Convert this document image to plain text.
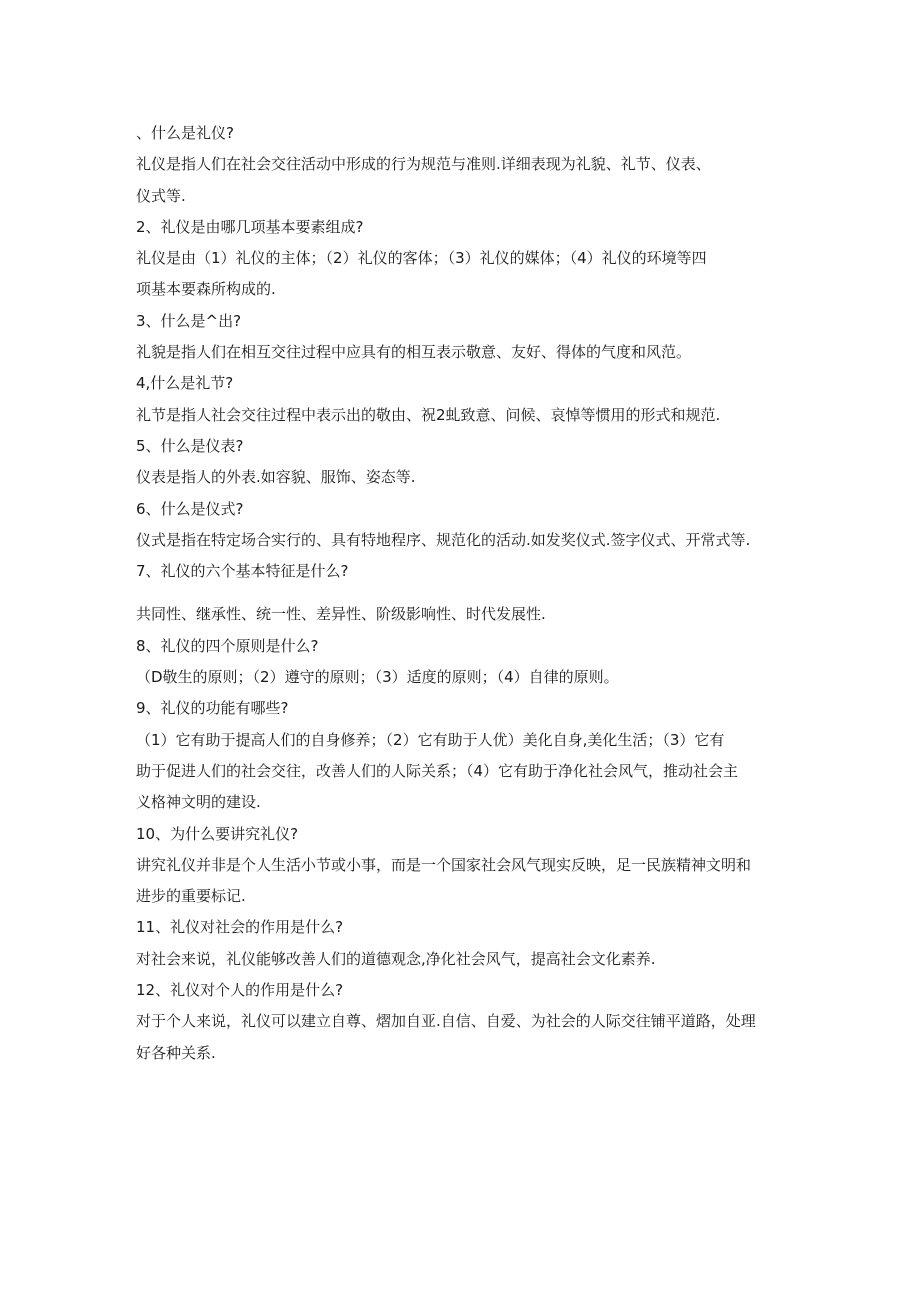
、什么是礼仪?
礼仪是指人们在社会交往活动中形成的行为规范与准则.详细表现为礼貌、礼节、仪表、
仪式等.
2、礼仪是由哪几项基本要素组成?
礼仪是由（1）礼仪的主体；（2）礼仪的客体；（3）礼仪的媒体；（4）礼仪的环境等四
项基本要森所构成的.
3、什么是^出?
礼貌是指人们在相互交往过程中应具有的相互表示敬意、友好、得体的气度和风范。
4,什么是礼节?
礼节是指人社会交往过程中表示出的敬由、祝2虬致意、问候、哀悼等惯用的形式和规范.
5、什么是仪表?
仪表是指人的外表.如容貌、服饰、姿态等.
6、什么是仪式?
仪式是指在特定场合实行的、具有特地程序、规范化的活动.如发奖仪式.签字仪式、开常式等.
7、礼仪的六个基本特征是什么?
共同性、继承性、统一性、差异性、阶级影响性、时代发展性.
8、礼仪的四个原则是什么?
（D敬生的原则；（2）遵守的原则；（3）适度的原则；（4）自律的原则。
9、礼仪的功能有哪些?
（1）它有助于提高人们的自身修养；（2）它有助于人优）美化自身,美化生活；（3）它有
助于促进人们的社会交往，改善人们的人际关系；（4）它有助于净化社会风气，推动社会主
义格神文明的建设.
10、为什么要讲究礼仪?
讲究礼仪并非是个人生活小节或小事，而是一个国家社会风气现实反映，足一民族精神文明和
进步的重要标记.
11、礼仪对社会的作用是什么?
对社会来说，礼仪能够改善人们的道德观念,净化社会风气，提高社会文化素养.
12、礼仪对个人的作用是什么?
对于个人来说，礼仪可以建立自尊、熠加自亚.自信、自爱、为社会的人际交往铺平道路，处理
好各种关系.
